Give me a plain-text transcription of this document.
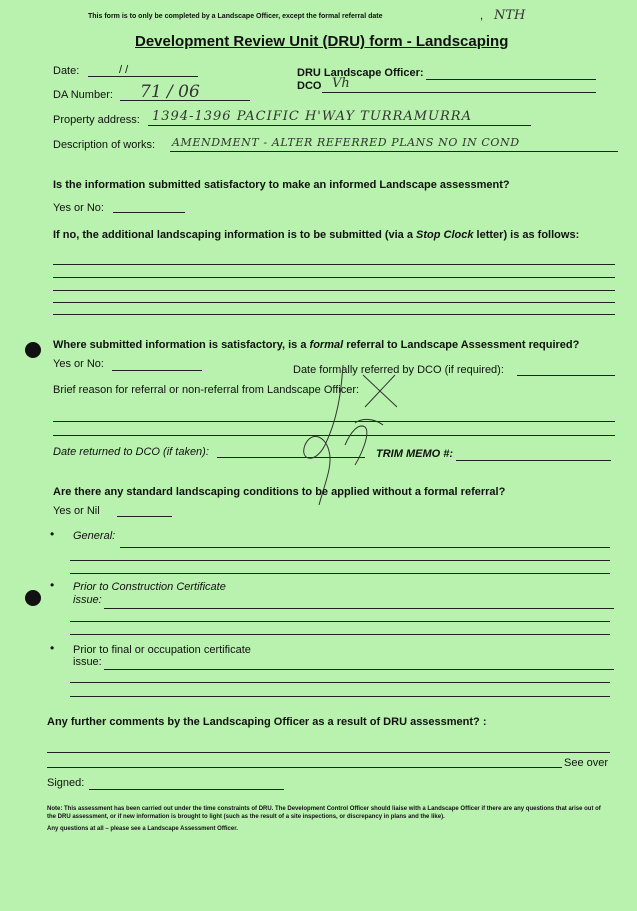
This form is to only be completed by a Landscape Officer, except the formal referral date	, NTH
Development Review Unit (DRU) form - Landscaping
Date:	/ /	DRU Landscape Officer:
DCO Vh
DA Number: 71 / 06
Property address: 1394-1396 PACIFIC H'WAY TURRAMURRA
Description of works: AMENDMENT - ALTER REFERRED PLANS NO IN COND
Is the information submitted satisfactory to make an informed Landscape assessment?
Yes or No:
If no, the additional landscaping information is to be submitted (via a Stop Clock letter) is as follows:
Where submitted information is satisfactory, is a formal referral to Landscape Assessment required?
Yes or No:	Date formally referred by DCO (if required):
Brief reason for referral or non-referral from Landscape Officer:
Date returned to DCO (if taken):	TRIM MEMO #:
Are there any standard landscaping conditions to be applied without a formal referral?
Yes or Nil
• General:
• Prior to Construction Certificate
issue:
• Prior to final or occupation certificate
issue:
Any further comments by the Landscaping Officer as a result of DRU assessment? :
See over
Signed:
Note: This assessment has been carried out under the time constraints of DRU. The Development Control Officer should liaise with a Landscape Officer if there are any questions that arise out of the DRU assessment, or if new information is brought to light (such as the result of a site inspections, or discrepancy in plans and the like).
Any questions at all – please see a Landscape Assessment Officer.
